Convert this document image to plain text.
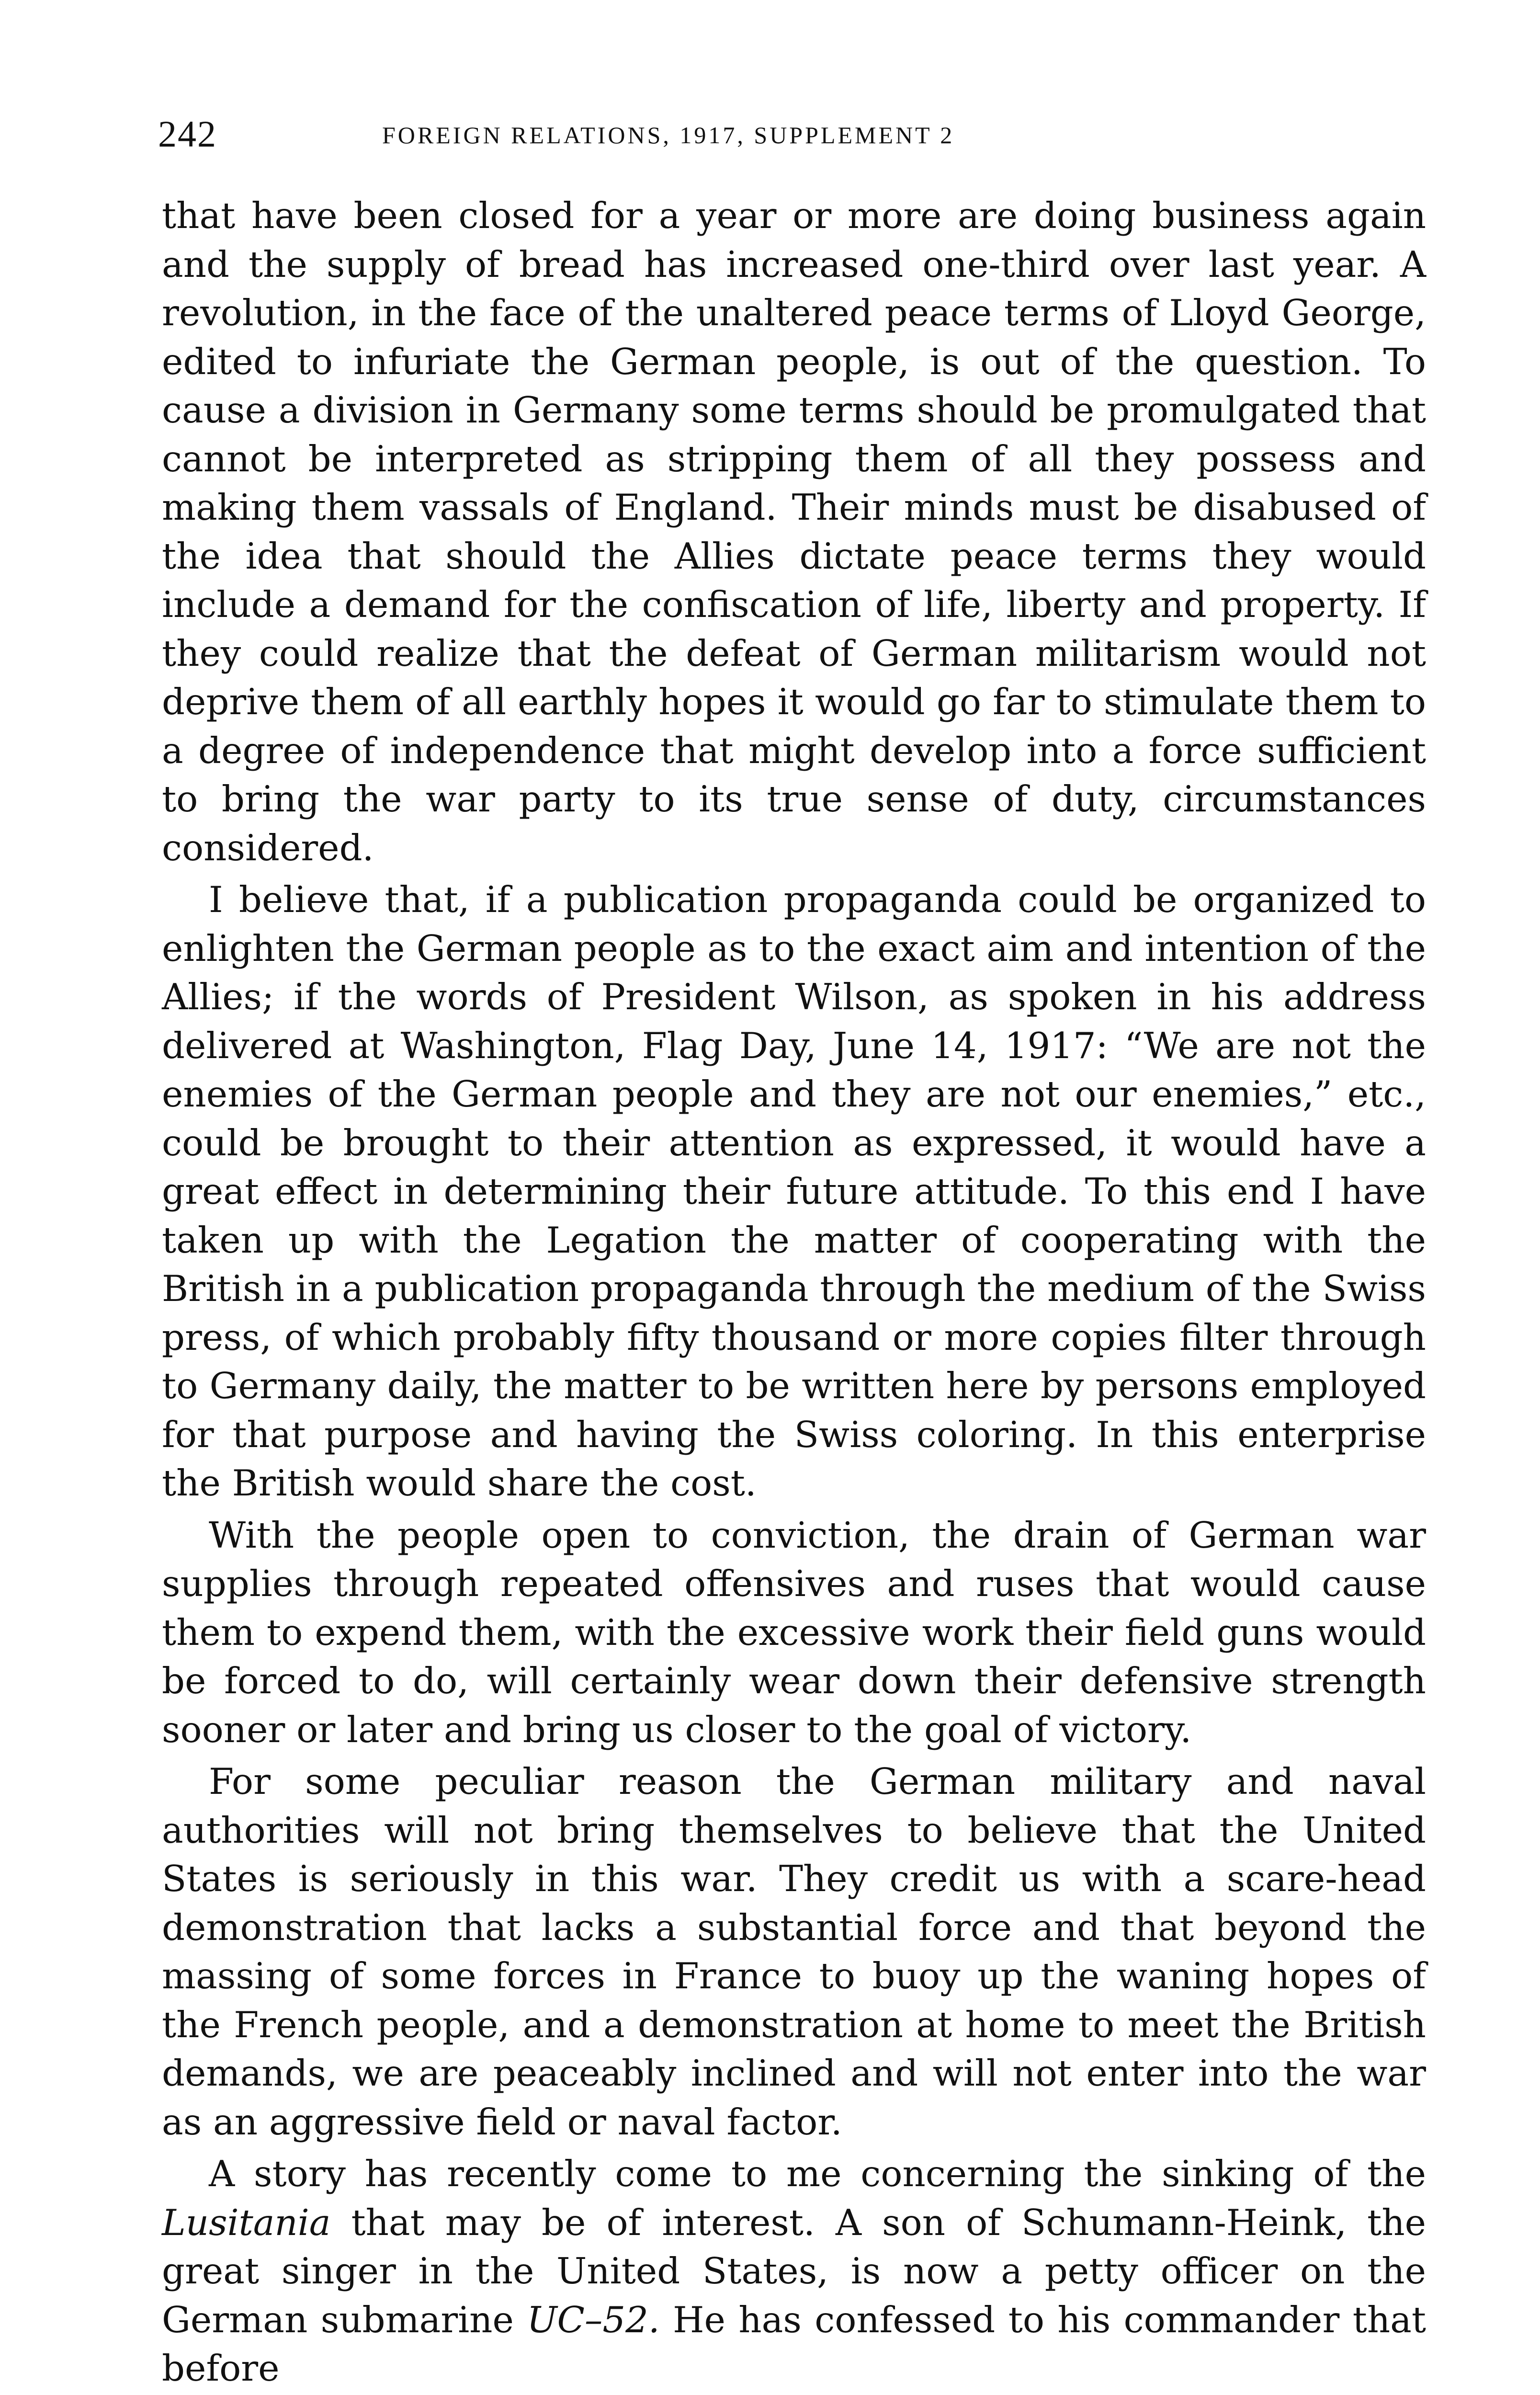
242	FOREIGN RELATIONS, 1917, SUPPLEMENT 2

that have been closed for a year or more are doing business again and the supply of bread has increased one-third over last year. A revolution, in the face of the unaltered peace terms of Lloyd George, edited to infuriate the German people, is out of the question. To cause a division in Germany some terms should be promulgated that cannot be interpreted as stripping them of all they possess and making them vassals of England. Their minds must be disabused of the idea that should the Allies dictate peace terms they would include a demand for the confiscation of life, liberty and property. If they could realize that the defeat of German militarism would not deprive them of all earthly hopes it would go far to stimulate them to a degree of independence that might develop into a force sufficient to bring the war party to its true sense of duty, circumstances considered.

I believe that, if a publication propaganda could be organized to enlighten the German people as to the exact aim and intention of the Allies; if the words of President Wilson, as spoken in his address delivered at Washington, Flag Day, June 14, 1917: “We are not the enemies of the German people and they are not our enemies,” etc., could be brought to their attention as expressed, it would have a great effect in determining their future attitude. To this end I have taken up with the Legation the matter of cooperating with the British in a publication propaganda through the medium of the Swiss press, of which probably fifty thousand or more copies filter through to Germany daily, the matter to be written here by persons employed for that purpose and having the Swiss coloring. In this enterprise the British would share the cost.

With the people open to conviction, the drain of German war supplies through repeated offensives and ruses that would cause them to expend them, with the excessive work their field guns would be forced to do, will certainly wear down their defensive strength sooner or later and bring us closer to the goal of victory.

For some peculiar reason the German military and naval authorities will not bring themselves to believe that the United States is seriously in this war. They credit us with a scare-head demonstration that lacks a substantial force and that beyond the massing of some forces in France to buoy up the waning hopes of the French people, and a demonstration at home to meet the British demands, we are peaceably inclined and will not enter into the war as an aggressive field or naval factor.

A story has recently come to me concerning the sinking of the Lusitania that may be of interest. A son of Schumann-Heink, the great singer in the United States, is now a petty officer on the German submarine UC–52. He has confessed to his commander that before
